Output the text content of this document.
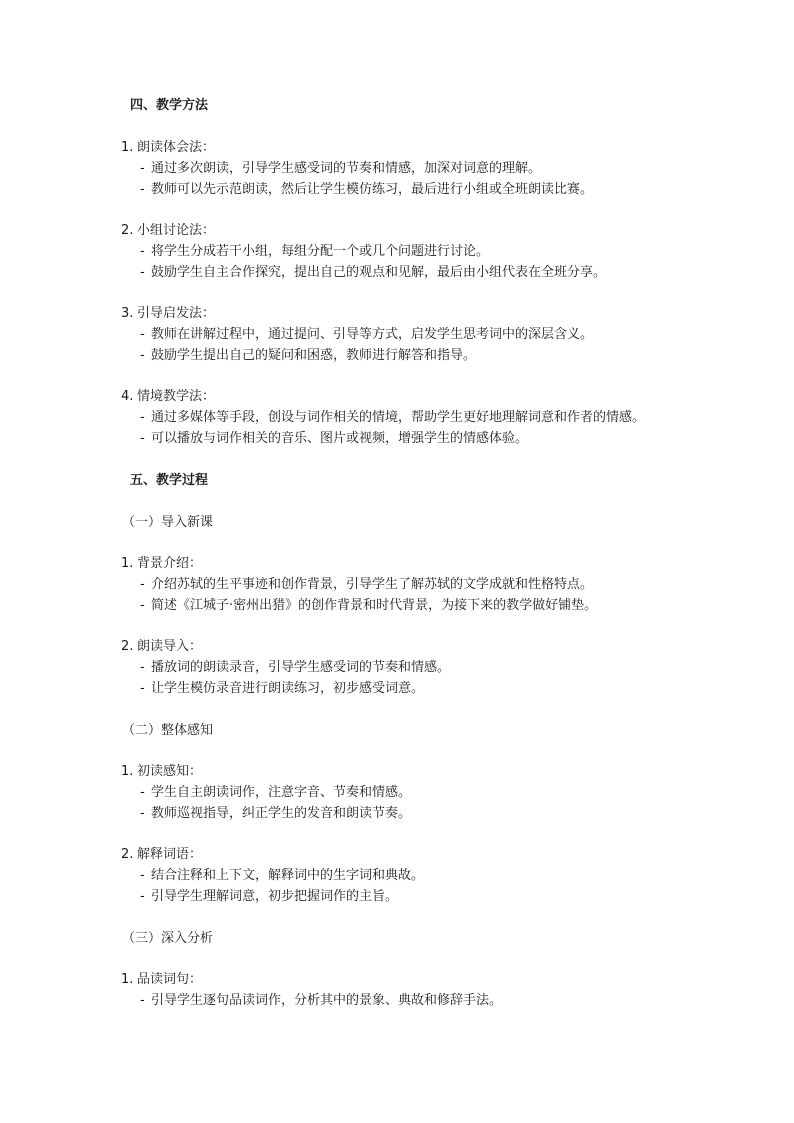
四、教学方法
1. 朗读体会法：
- 通过多次朗读，引导学生感受词的节奏和情感，加深对词意的理解。
- 教师可以先示范朗读，然后让学生模仿练习，最后进行小组或全班朗读比赛。
2. 小组讨论法：
- 将学生分成若干小组，每组分配一个或几个问题进行讨论。
- 鼓励学生自主合作探究，提出自己的观点和见解，最后由小组代表在全班分享。
3. 引导启发法：
- 教师在讲解过程中，通过提问、引导等方式，启发学生思考词中的深层含义。
- 鼓励学生提出自己的疑问和困惑，教师进行解答和指导。
4. 情境教学法：
- 通过多媒体等手段，创设与词作相关的情境，帮助学生更好地理解词意和作者的情感。
- 可以播放与词作相关的音乐、图片或视频，增强学生的情感体验。
五、教学过程
（一）导入新课
1. 背景介绍：
- 介绍苏轼的生平事迹和创作背景，引导学生了解苏轼的文学成就和性格特点。
- 简述《江城子·密州出猎》的创作背景和时代背景，为接下来的教学做好铺垫。
2. 朗读导入：
- 播放词的朗读录音，引导学生感受词的节奏和情感。
- 让学生模仿录音进行朗读练习，初步感受词意。
（二）整体感知
1. 初读感知：
- 学生自主朗读词作，注意字音、节奏和情感。
- 教师巡视指导，纠正学生的发音和朗读节奏。
2. 解释词语：
- 结合注释和上下文，解释词中的生字词和典故。
- 引导学生理解词意，初步把握词作的主旨。
（三）深入分析
1. 品读词句：
- 引导学生逐句品读词作，分析其中的景象、典故和修辞手法。
